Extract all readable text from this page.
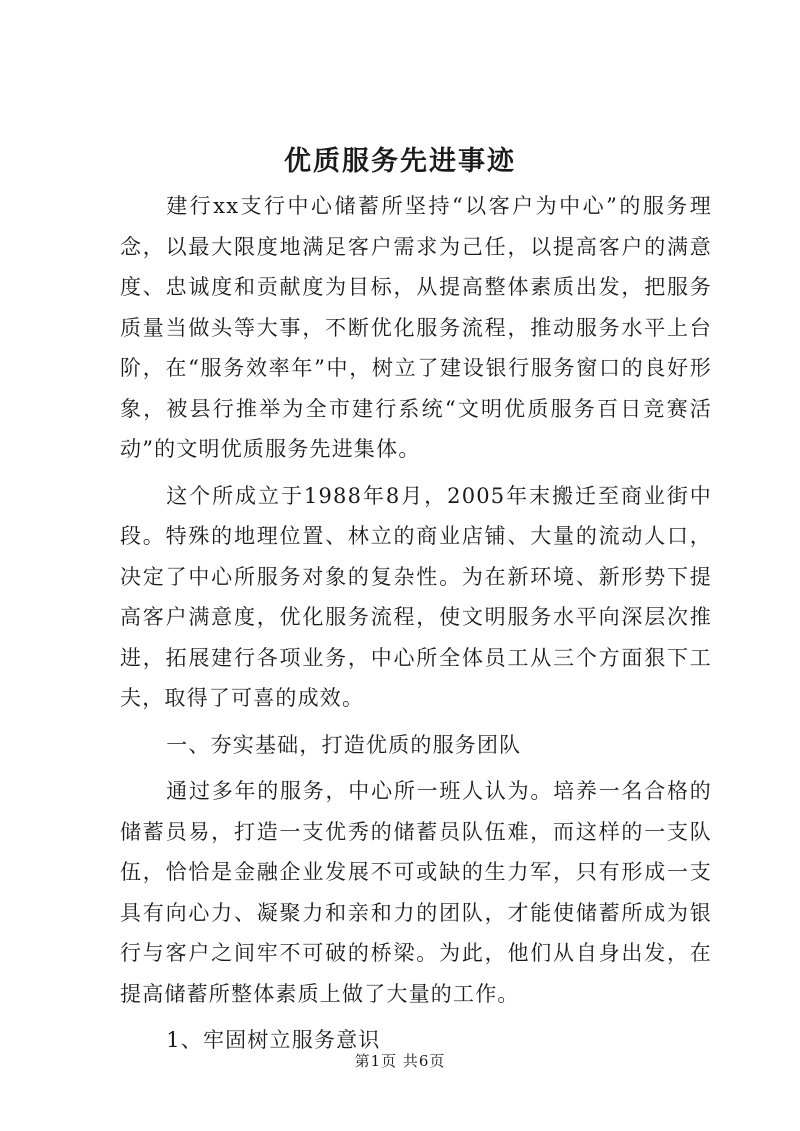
优质服务先进事迹

建行xx支行中心储蓄所坚持“以客户为中心”的服务理念，以最大限度地满足客户需求为己任，以提高客户的满意度、忠诚度和贡献度为目标，从提高整体素质出发，把服务质量当做头等大事，不断优化服务流程，推动服务水平上台阶，在“服务效率年”中，树立了建设银行服务窗口的良好形象，被县行推举为全市建行系统“文明优质服务百日竞赛活动”的文明优质服务先进集体。

这个所成立于1988年8月，2005年末搬迁至商业街中段。特殊的地理位置、林立的商业店铺、大量的流动人口，决定了中心所服务对象的复杂性。为在新环境、新形势下提高客户满意度，优化服务流程，使文明服务水平向深层次推进，拓展建行各项业务，中心所全体员工从三个方面狠下工夫，取得了可喜的成效。

一、夯实基础，打造优质的服务团队

通过多年的服务，中心所一班人认为。培养一名合格的储蓄员易，打造一支优秀的储蓄员队伍难，而这样的一支队伍，恰恰是金融企业发展不可或缺的生力军，只有形成一支具有向心力、凝聚力和亲和力的团队，才能使储蓄所成为银行与客户之间牢不可破的桥梁。为此，他们从自身出发，在提高储蓄所整体素质上做了大量的工作。

1、牢固树立服务意识

第1页 共6页
